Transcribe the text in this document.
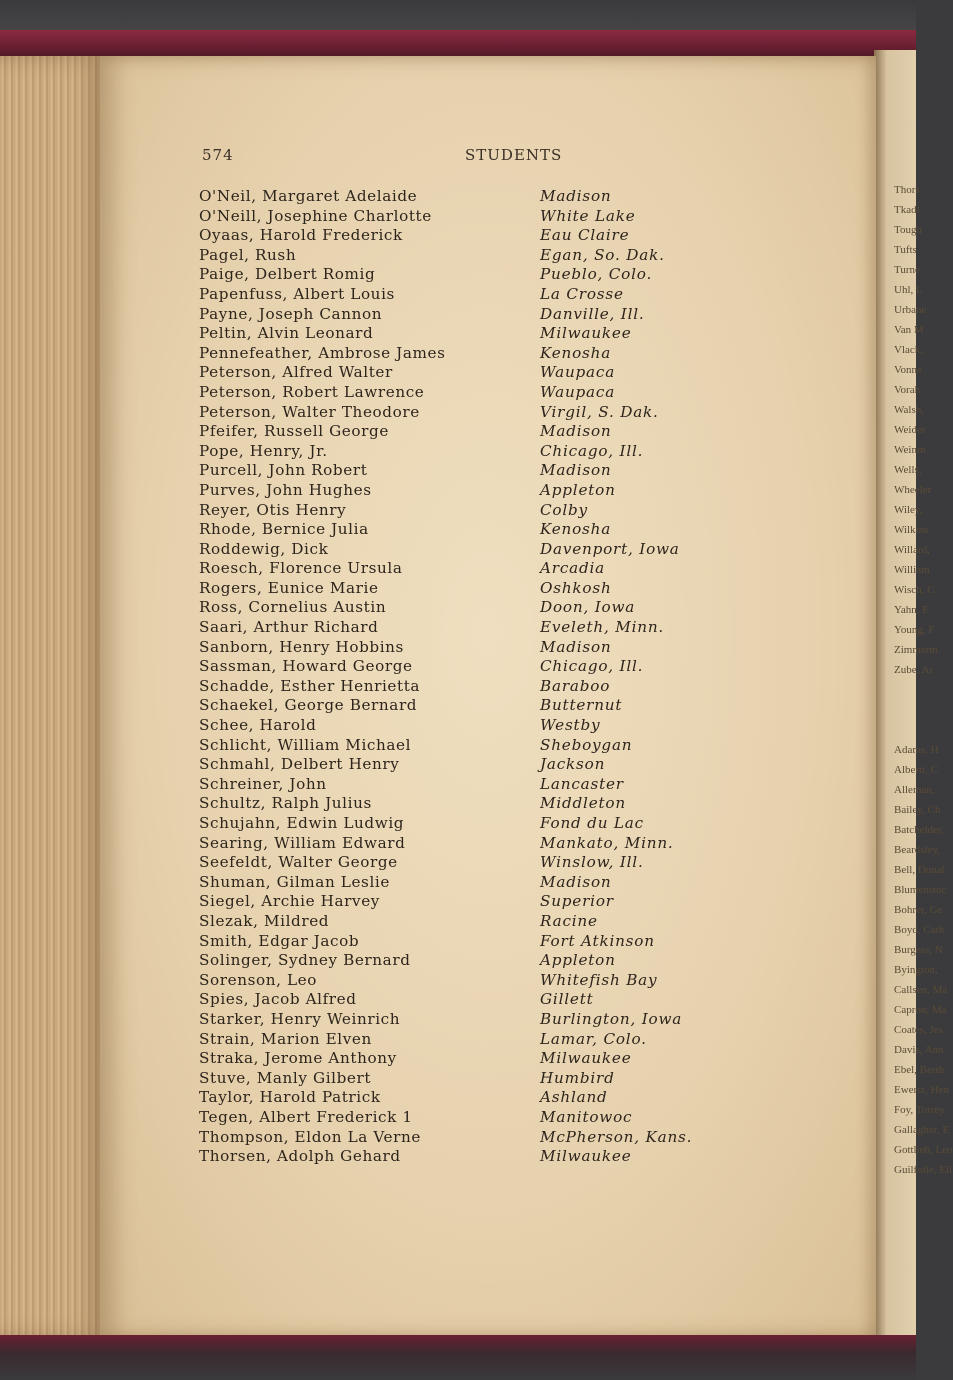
Thors
Tkadl
Tough
Tufts
Turne
Uhl, L
Urbane
Van M
Vlack,
Vonne
Vorah
Walsh,
Weider
Weinm
Wells,
Wheeler
Wiley,
Wilkins
Willard,
William
Wisch, C
Yahn, E
Young, F
Zimmerm
Zube, Ar
Adams, H
Alberti, C
Alleman,
Bailey, Ch
Batchelder,
Beardsley,
Bell, Donal
Blumenstoc
Bohrer, Ge
Boyd, Cath
Burgess, N
Byington,
Callsen, Ma
Capron, Ma
Coates, Jes
Davis, Ann
Ebel, Berth
Ewertz, Hen
Foy, Torrey
Gallagher, E
Gottlieb, Leo
Guilfoile, Eli
574	STUDENTS
O'Neil, Margaret Adelaide	Madison
O'Neill, Josephine Charlotte	White Lake
Oyaas, Harold Frederick	Eau Claire
Pagel, Rush	Egan, So. Dak.
Paige, Delbert Romig	Pueblo, Colo.
Papenfuss, Albert Louis	La Crosse
Payne, Joseph Cannon	Danville, Ill.
Peltin, Alvin Leonard	Milwaukee
Pennefeather, Ambrose James	Kenosha
Peterson, Alfred Walter	Waupaca
Peterson, Robert Lawrence	Waupaca
Peterson, Walter Theodore	Virgil, S. Dak.
Pfeifer, Russell George	Madison
Pope, Henry, Jr.	Chicago, Ill.
Purcell, John Robert	Madison
Purves, John Hughes	Appleton
Reyer, Otis Henry	Colby
Rhode, Bernice Julia	Kenosha
Roddewig, Dick	Davenport, Iowa
Roesch, Florence Ursula	Arcadia
Rogers, Eunice Marie	Oshkosh
Ross, Cornelius Austin	Doon, Iowa
Saari, Arthur Richard	Eveleth, Minn.
Sanborn, Henry Hobbins	Madison
Sassman, Howard George	Chicago, Ill.
Schadde, Esther Henrietta	Baraboo
Schaekel, George Bernard	Butternut
Schee, Harold	Westby
Schlicht, William Michael	Sheboygan
Schmahl, Delbert Henry	Jackson
Schreiner, John	Lancaster
Schultz, Ralph Julius	Middleton
Schujahn, Edwin Ludwig	Fond du Lac
Searing, William Edward	Mankato, Minn.
Seefeldt, Walter George	Winslow, Ill.
Shuman, Gilman Leslie	Madison
Siegel, Archie Harvey	Superior
Slezak, Mildred	Racine
Smith, Edgar Jacob	Fort Atkinson
Solinger, Sydney Bernard	Appleton
Sorenson, Leo	Whitefish Bay
Spies, Jacob Alfred	Gillett
Starker, Henry Weinrich	Burlington, Iowa
Strain, Marion Elven	Lamar, Colo.
Straka, Jerome Anthony	Milwaukee
Stuve, Manly Gilbert	Humbird
Taylor, Harold Patrick	Ashland
Tegen, Albert Frederick 1	Manitowoc
Thompson, Eldon La Verne	McPherson, Kans.
Thorsen, Adolph Gehard	Milwaukee
